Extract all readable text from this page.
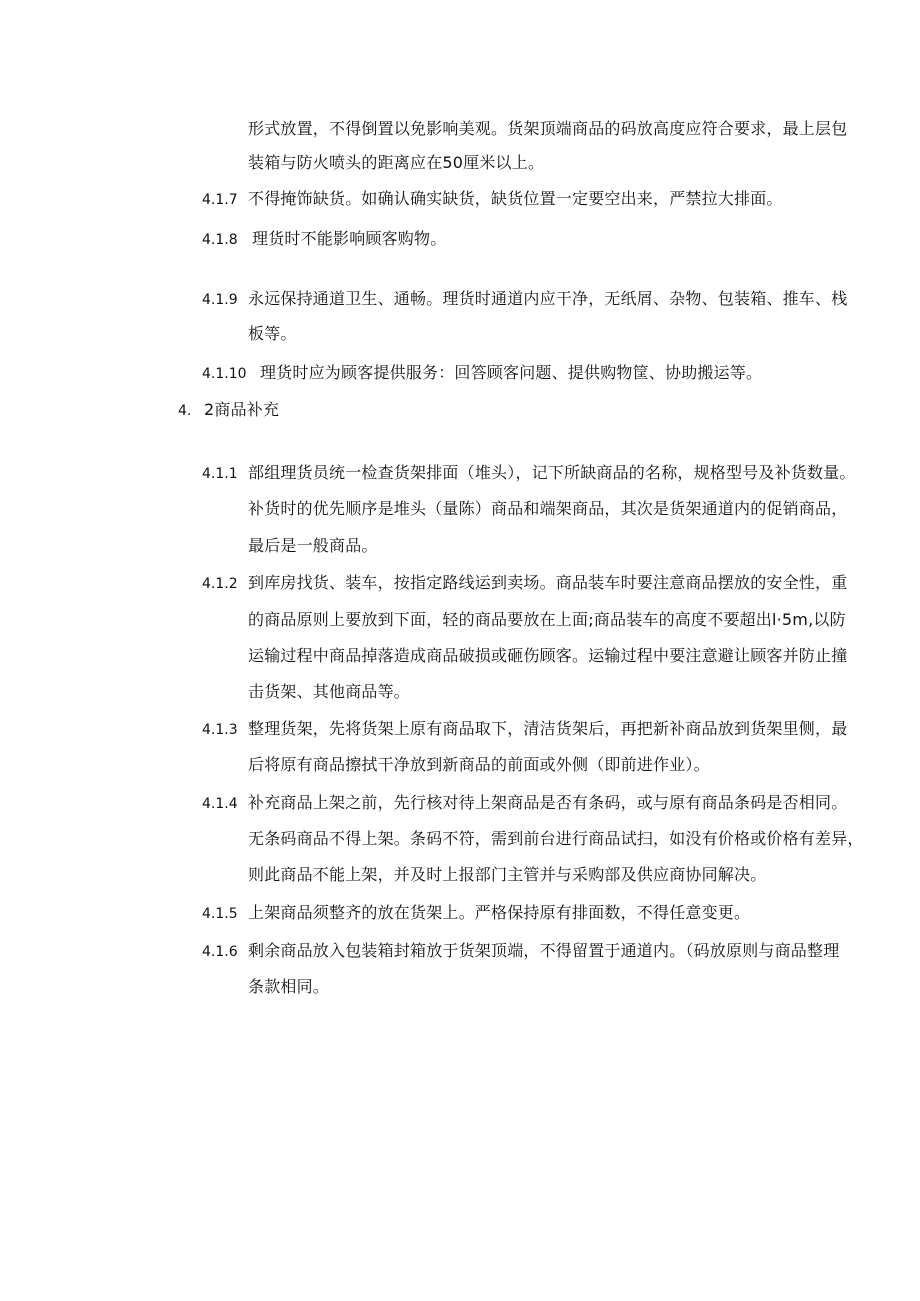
形式放置，不得倒置以免影响美观。货架顶端商品的码放高度应符合要求，最上层包
装箱与防火喷头的距离应在50厘米以上。
4.1.7 不得掩饰缺货。如确认确实缺货，缺货位置一定要空出来，严禁拉大排面。
4.1.8 理货时不能影响顾客购物。
4.1.9 永远保持通道卫生、通畅。理货时通道内应干净，无纸屑、杂物、包装箱、推车、栈
板等。
4.1.10 理货时应为顾客提供服务：回答顾客问题、提供购物筐、协助搬运等。
4. 2商品补充
4.1.1 部组理货员统一检查货架排面（堆头），记下所缺商品的名称，规格型号及补货数量。
补货时的优先顺序是堆头（量陈）商品和端架商品，其次是货架通道内的促销商品，
最后是一般商品。
4.1.2 到库房找货、装车，按指定路线运到卖场。商品装车时要注意商品摆放的安全性，重
的商品原则上要放到下面，轻的商品要放在上面;商品装车的高度不要超出l·5m,以防
运输过程中商品掉落造成商品破损或砸伤顾客。运输过程中要注意避让顾客并防止撞
击货架、其他商品等。
4.1.3 整理货架，先将货架上原有商品取下，清洁货架后，再把新补商品放到货架里侧，最
后将原有商品擦拭干净放到新商品的前面或外侧（即前进作业）。
4.1.4 补充商品上架之前，先行核对待上架商品是否有条码，或与原有商品条码是否相同。
无条码商品不得上架。条码不符，需到前台进行商品试扫，如没有价格或价格有差异，
则此商品不能上架，并及时上报部门主管并与采购部及供应商协同解决。
4.1.5 上架商品须整齐的放在货架上。严格保持原有排面数，不得任意变更。
4.1.6 剩余商品放入包装箱封箱放于货架顶端，不得留置于通道内。（码放原则与商品整理
条款相同。
